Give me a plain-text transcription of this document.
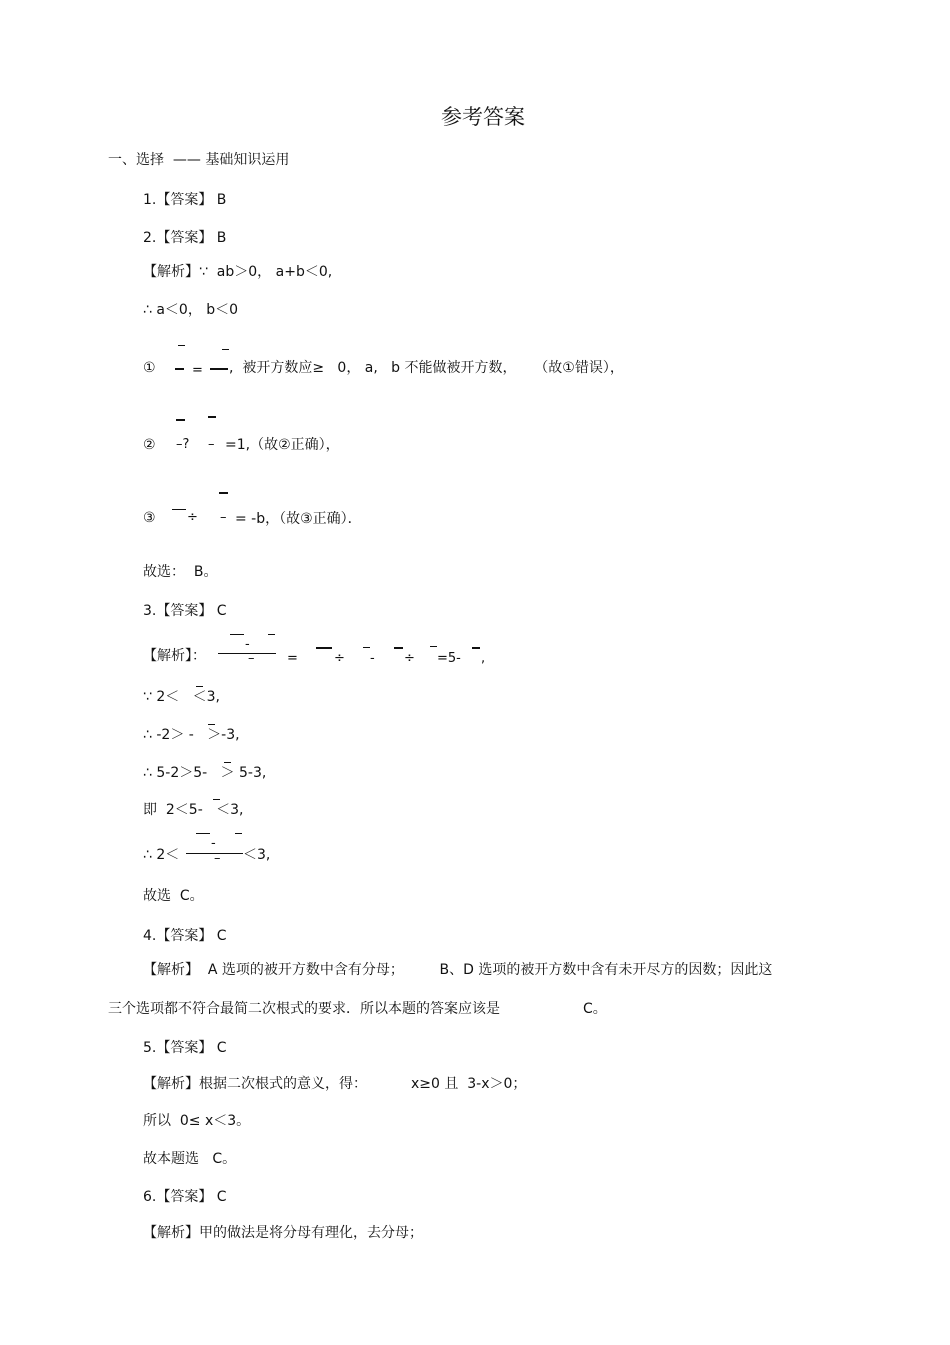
参考答案
一、选择  —— 基础知识运用
1.【答案】 B
2.【答案】 B
【解析】∵  ab＞0， a+b＜0,
∴ a＜0， b＜0
①	= ,  被开方数应≥   0， a,   b 不能做被开方数，    （故①错误），
② –? – =1,（故②正确），
③ ÷ – = -b，（故③正确）．
故选：  B。
3.【答案】 C
【解析】：
-
–	=	÷ - ÷ =5- ,
∵ 2＜   ＜3,
∴ -2＞ -   ＞-3,
∴ 5-2＞5-   ＞ 5-3,
即  2＜5-   ＜3,
∴ 2＜
-
– ＜3,
故选  C。
4.【答案】 C
【解析】  A 选项的被开方数中含有分母；        B、D 选项的被开方数中含有未开尽方的因数；因此这
三个选项都不符合最简二次根式的要求．所以本题的答案应该是	C。
5.【答案】 C
【解析】根据二次根式的意义，得：	x≥0 且  3-x＞0；
所以  0≤ x＜3。
故本题选   C。
6.【答案】 C
【解析】甲的做法是将分母有理化，去分母；
